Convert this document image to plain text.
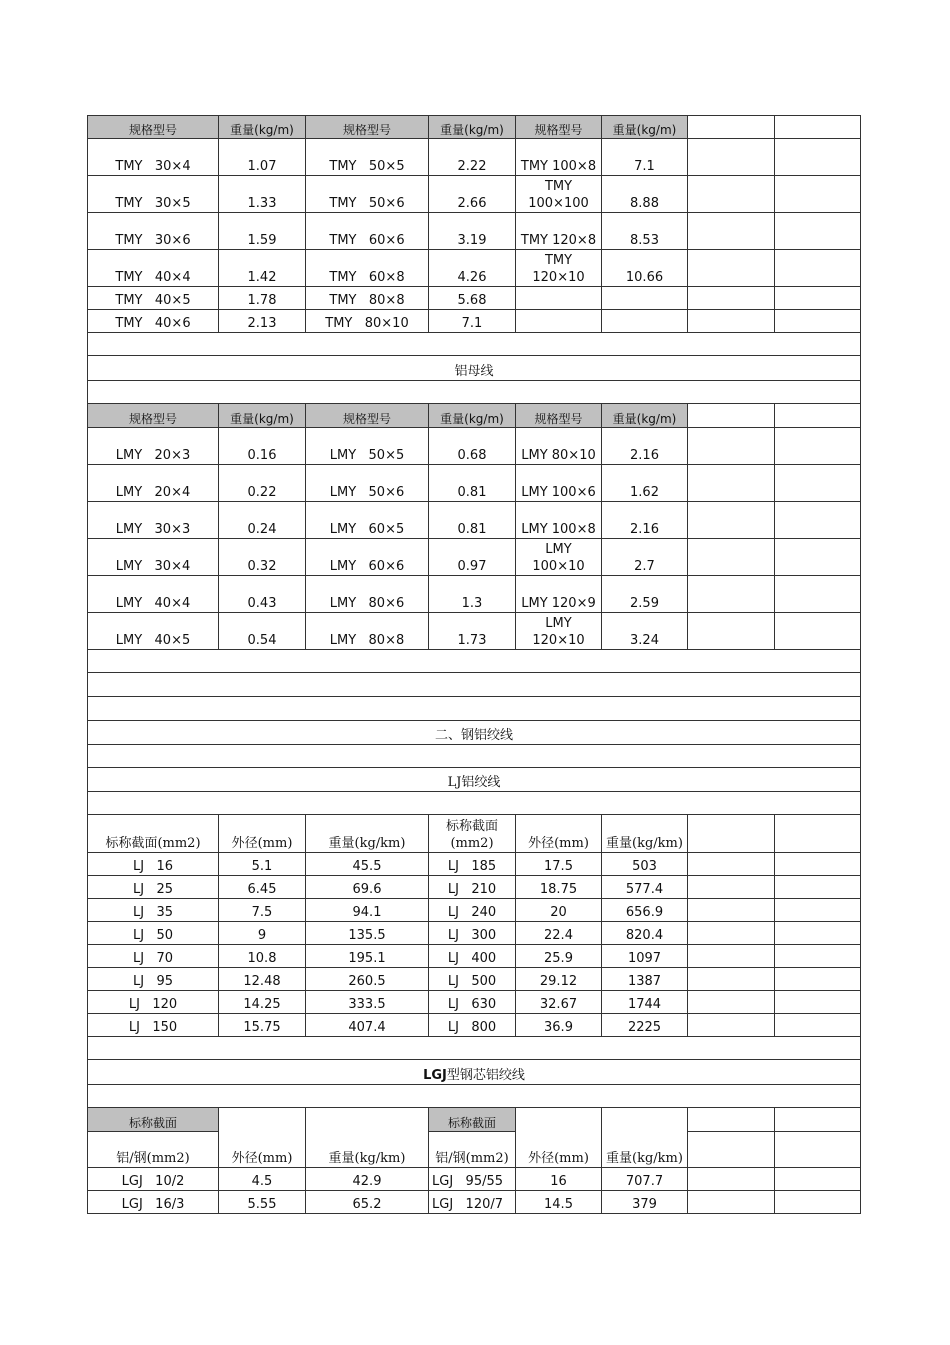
规格型号	重量(kg/m)	规格型号	重量(kg/m)	规格型号	重量(kg/m)		
TMY   30×4	1.07	TMY   50×5	2.22	TMY 100×8	7.1		
TMY   30×5	1.33	TMY   50×6	2.66	TMY 100×100	8.88		
TMY   30×6	1.59	TMY   60×6	3.19	TMY 120×8	8.53		
TMY   40×4	1.42	TMY   60×8	4.26	TMY 120×10	10.66		
TMY   40×5	1.78	TMY   80×8	5.68				
TMY   40×6	2.13	TMY   80×10	7.1				

铝母线							

规格型号	重量(kg/m)	规格型号	重量(kg/m)	规格型号	重量(kg/m)		
LMY   20×3	0.16	LMY   50×5	0.68	LMY 80×10	2.16		
LMY   20×4	0.22	LMY   50×6	0.81	LMY 100×6	1.62		
LMY   30×3	0.24	LMY   60×5	0.81	LMY 100×8	2.16		
LMY   30×4	0.32	LMY   60×6	0.97	LMY 100×10	2.7		
LMY   40×4	0.43	LMY   80×6	1.3	LMY 120×9	2.59		
LMY   40×5	0.54	LMY   80×8	1.73	LMY 120×10	3.24		

二、钢铝绞线							

LJ铝绞线							

标称截面(mm2)	外径(mm)	重量(kg/km)	标称截面(mm2)	外径(mm)	重量(kg/km)		
LJ   16	5.1	45.5	LJ   185	17.5	503		
LJ   25	6.45	69.6	LJ   210	18.75	577.4		
LJ   35	7.5	94.1	LJ   240	20	656.9		
LJ   50	9	135.5	LJ   300	22.4	820.4		
LJ   70	10.8	195.1	LJ   400	25.9	1097		
LJ   95	12.48	260.5	LJ   500	29.12	1387		
LJ   120	14.25	333.5	LJ   630	32.67	1744		
LJ   150	15.75	407.4	LJ   800	36.9	2225		

LGJ型钢芯铝绞线							

标称截面	外径(mm)	重量(kg/km)	标称截面	外径(mm)	重量(kg/km)		
铝/钢(mm2)			铝/钢(mm2)				
LGJ   10/2	4.5	42.9	LGJ   95/55	16	707.7		
LGJ   16/3	5.55	65.2	LGJ   120/7	14.5	379		
